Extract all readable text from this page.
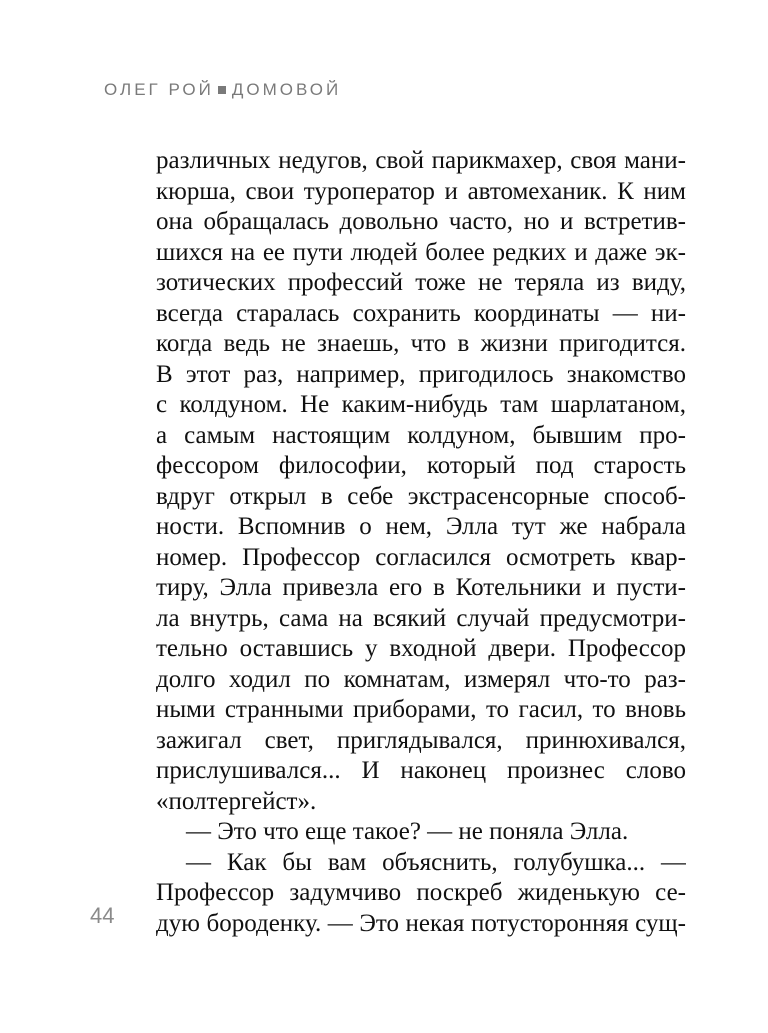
ОЛЕГ РОЙ ДОМОВОЙ
различных недугов, свой парикмахер, своя мани-
кюрша, свои туроператор и автомеханик. К ним
она обращалась довольно часто, но и встретив-
шихся на ее пути людей более редких и даже эк-
зотических профессий тоже не теряла из виду,
всегда старалась сохранить координаты — ни-
когда ведь не знаешь, что в жизни пригодится.
В этот раз, например, пригодилось знакомство
с колдуном. Не каким-нибудь там шарлатаном,
а самым настоящим колдуном, бывшим про-
фессором философии, который под старость
вдруг открыл в себе экстрасенсорные способ-
ности. Вспомнив о нем, Элла тут же набрала
номер. Профессор согласился осмотреть квар-
тиру, Элла привезла его в Котельники и пусти-
ла внутрь, сама на всякий случай предусмотри-
тельно оставшись у входной двери. Профессор
долго ходил по комнатам, измерял что-то раз-
ными странными приборами, то гасил, то вновь
зажигал свет, приглядывался, принюхивался,
прислушивался... И наконец произнес слово
«полтергейст».
— Это что еще такое? — не поняла Элла.
— Как бы вам объяснить, голубушка... —
Профессор задумчиво поскреб жиденькую се-
дую бороденку. — Это некая потусторонняя сущ-
44
